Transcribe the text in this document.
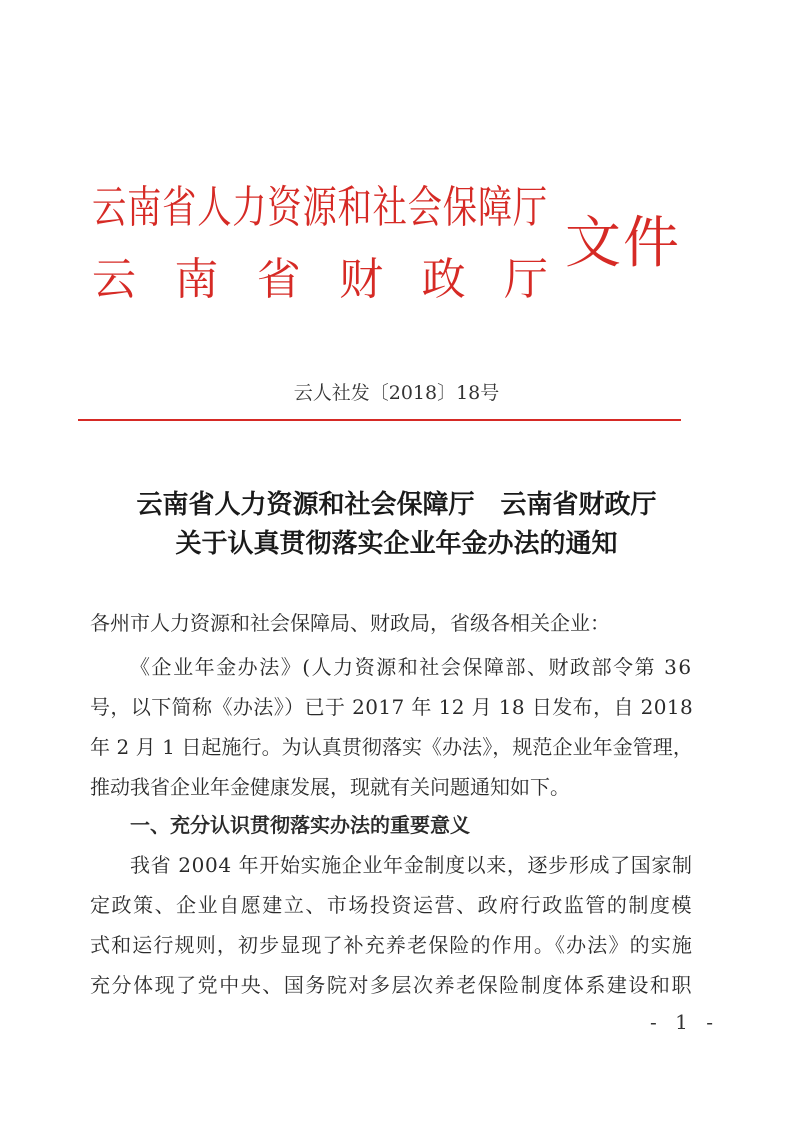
云南省人力资源和社会保障厅
云 南 省 财 政 厅
文件
云人社发〔2018〕18号
云南省人力资源和社会保障厅　云南省财政厅
关于认真贯彻落实企业年金办法的通知
各州市人力资源和社会保障局、财政局，省级各相关企业：
《企业年金办法》(人力资源和社会保障部、财政部令第 36
号，以下简称《办法》）已于 2017 年 12 月 18 日发布，自 2018
年 2 月 1 日起施行。为认真贯彻落实《办法》，规范企业年金管理，
推动我省企业年金健康发展，现就有关问题通知如下。
一、充分认识贯彻落实办法的重要意义
我省 2004 年开始实施企业年金制度以来，逐步形成了国家制
定政策、企业自愿建立、市场投资运营、政府行政监管的制度模
式和运行规则，初步显现了补充养老保险的作用。《办法》的实施
充分体现了党中央、国务院对多层次养老保险制度体系建设和职
- 1 -
